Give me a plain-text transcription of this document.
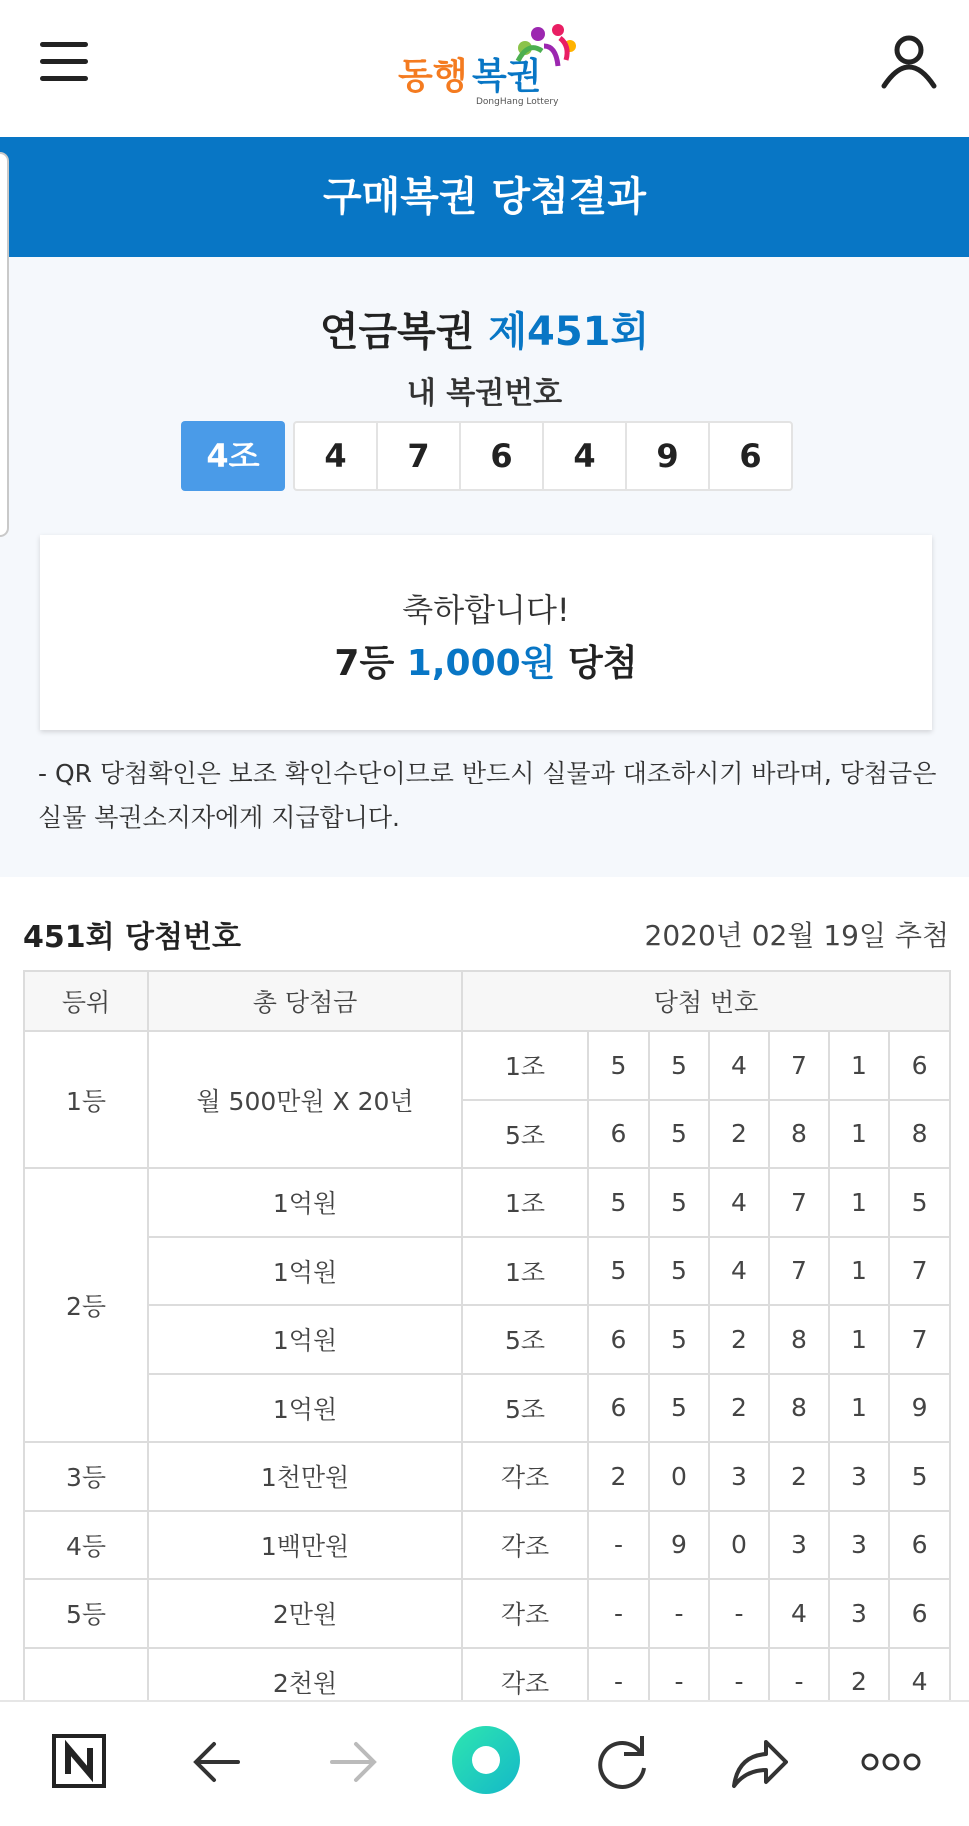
동행 복권
DongHang Lottery
구매복권 당첨결과
연금복권 제451회
내 복권번호
4조	4	7	6	4	9	6
축하합니다!
7등 1,000원 당첨
- QR 당첨확인은 보조 확인수단이므로 반드시 실물과 대조하시기 바라며, 당첨금은 실물 복권소지자에게 지급합니다.
451회 당첨번호	2020년 02월 19일 추첨
등위	총 당첨금	당첨 번호						
1등	월 500만원 X 20년	1조	5	5	4	7	1	6
		5조	6	5	2	8	1	8
2등	1억원	1조	5	5	4	7	1	5
	1억원	1조	5	5	4	7	1	7
	1억원	5조	6	5	2	8	1	7
	1억원	5조	6	5	2	8	1	9
3등	1천만원	각조	2	0	3	2	3	5
4등	1백만원	각조	-	9	0	3	3	6
5등	2만원	각조	-	-	-	4	3	6
	2천원	각조	-	-	-	-	2	4
